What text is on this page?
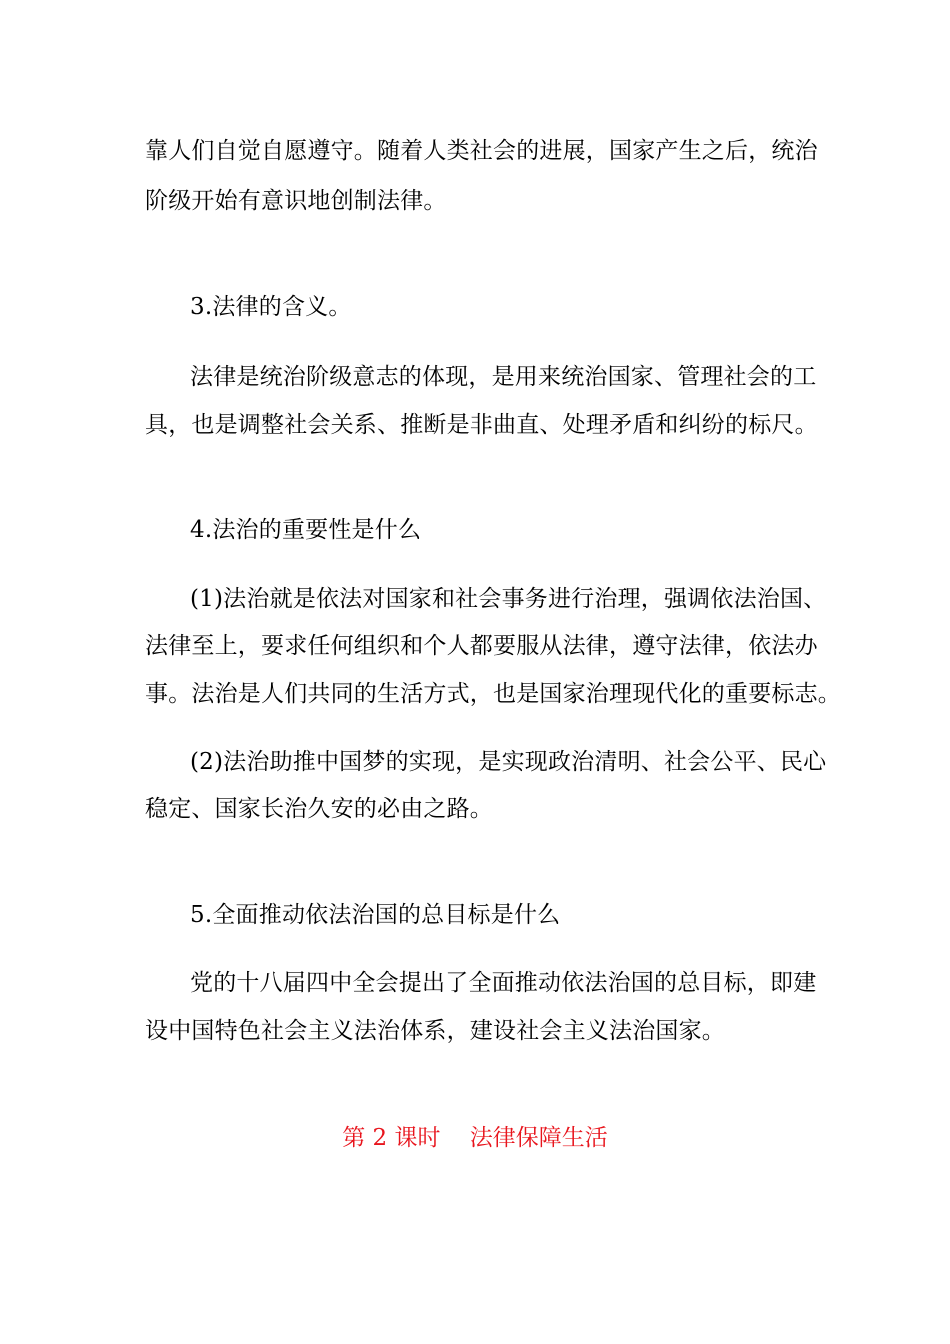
靠人们自觉自愿遵守。随着人类社会的进展，国家产生之后，统治
阶级开始有意识地创制法律。
3.法律的含义。
法律是统治阶级意志的体现，是用来统治国家、管理社会的工
具，也是调整社会关系、推断是非曲直、处理矛盾和纠纷的标尺。
4.法治的重要性是什么
(1)法治就是依法对国家和社会事务进行治理，强调依法治国、
法律至上，要求任何组织和个人都要服从法律，遵守法律，依法办
事。法治是人们共同的生活方式，也是国家治理现代化的重要标志。
(2)法治助推中国梦的实现，是实现政治清明、社会公平、民心
稳定、国家长治久安的必由之路。
5.全面推动依法治国的总目标是什么
党的十八届四中全会提出了全面推动依法治国的总目标，即建
设中国特色社会主义法治体系，建设社会主义法治国家。
第 2 课时    法律保障生活
